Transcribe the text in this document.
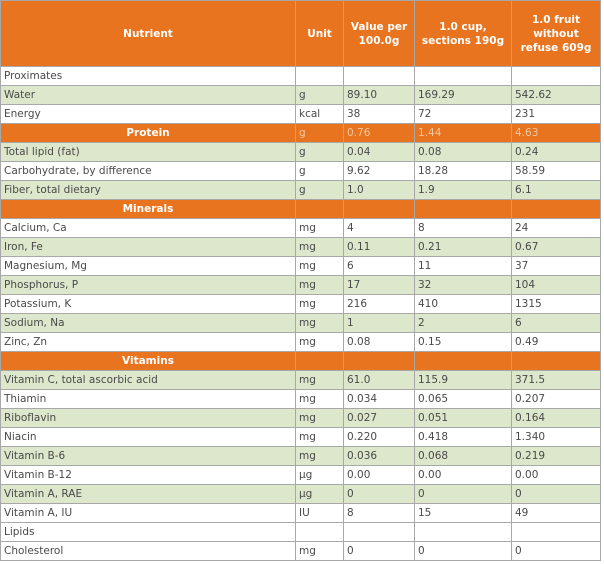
Nutrient	Unit	Value per 100.0g	1.0 cup, sections 190g	1.0 fruit without refuse 609g
Proximates				
Water	g	89.10	169.29	542.62
Energy	kcal	38	72	231
Protein	g	0.76	1.44	4.63
Total lipid (fat)	g	0.04	0.08	0.24
Carbohydrate, by difference	g	9.62	18.28	58.59
Fiber, total dietary	g	1.0	1.9	6.1
Minerals				
Calcium, Ca	mg	4	8	24
Iron, Fe	mg	0.11	0.21	0.67
Magnesium, Mg	mg	6	11	37
Phosphorus, P	mg	17	32	104
Potassium, K	mg	216	410	1315
Sodium, Na	mg	1	2	6
Zinc, Zn	mg	0.08	0.15	0.49
Vitamins				
Vitamin C, total ascorbic acid	mg	61.0	115.9	371.5
Thiamin	mg	0.034	0.065	0.207
Riboflavin	mg	0.027	0.051	0.164
Niacin	mg	0.220	0.418	1.340
Vitamin B-6	mg	0.036	0.068	0.219
Vitamin B-12	µg	0.00	0.00	0.00
Vitamin A, RAE	µg	0	0	0
Vitamin A, IU	IU	8	15	49
Lipids				
Cholesterol	mg	0	0	0
